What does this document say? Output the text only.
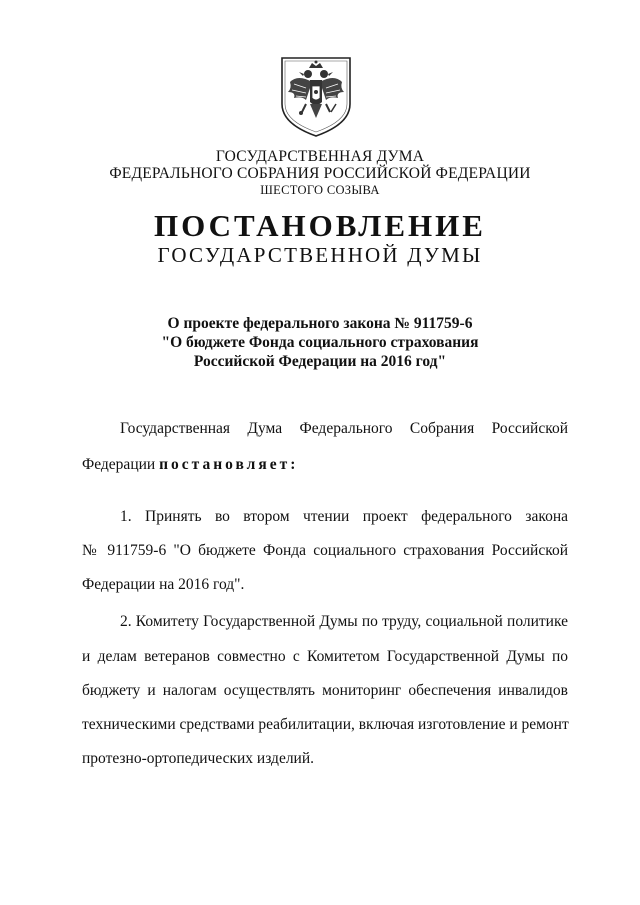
ГОСУДАРСТВЕННАЯ ДУМА
ФЕДЕРАЛЬНОГО СОБРАНИЯ РОССИЙСКОЙ ФЕДЕРАЦИИ
ШЕСТОГО СОЗЫВА
ПОСТАНОВЛЕНИЕ
ГОСУДАРСТВЕННОЙ ДУМЫ
О проекте федерального закона № 911759-6
"О бюджете Фонда социального страхования
Российской Федерации на 2016 год"
Государственная Дума Федерального Собрания Российской
Федерации постановляет:
1. Принять во втором чтении проект федерального закона
№ 911759-6 "О бюджете Фонда социального страхования Российской
Федерации на 2016 год".
2. Комитету Государственной Думы по труду, социальной политике
и делам ветеранов совместно с Комитетом Государственной Думы по
бюджету и налогам осуществлять мониторинг обеспечения инвалидов
техническими средствами реабилитации, включая изготовление и ремонт
протезно-ортопедических изделий.
